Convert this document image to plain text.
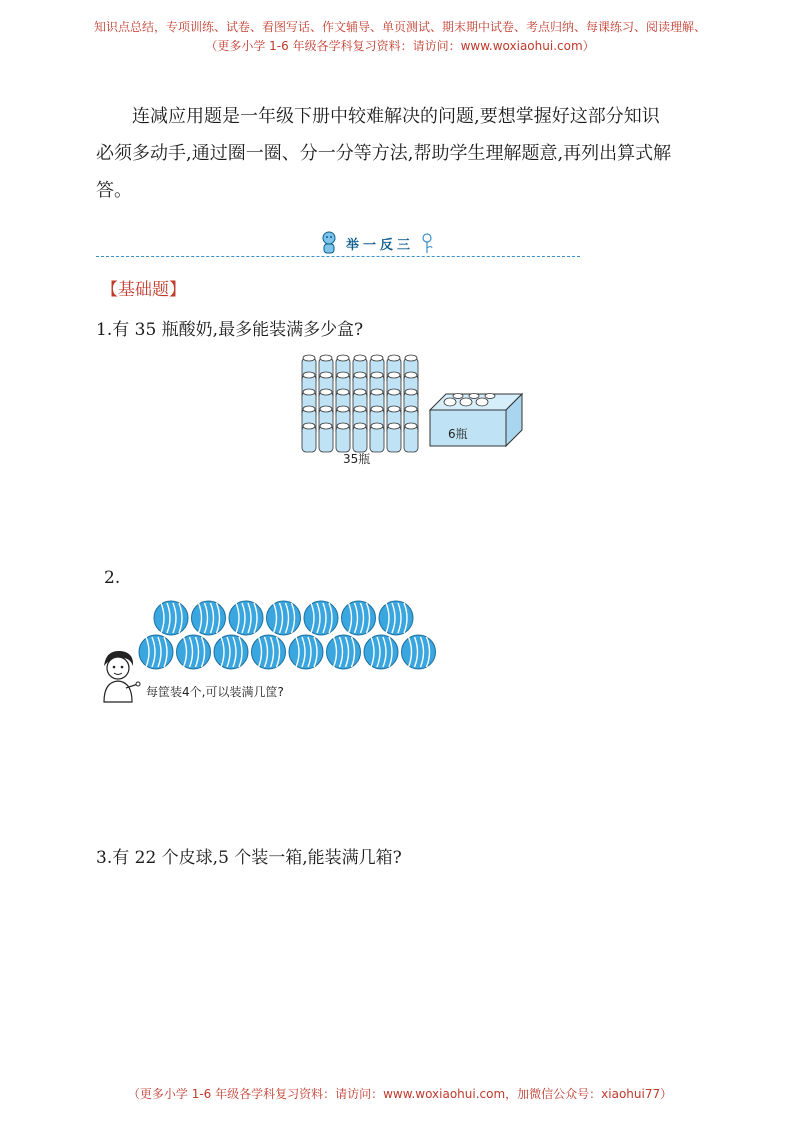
知识点总结，专项训练、试卷、看图写话、作文辅导、单页测试、期末期中试卷、考点归纳、每课练习、阅读理解、
（更多小学 1-6 年级各学科复习资料：请访问：www.woxiaohui.com）

连减应用题是一年级下册中较难解决的问题,要想掌握好这部分知识

必须多动手,通过圈一圈、分一分等方法,帮助学生理解题意,再列出算式解

答。

举一反三
【基础题】
1.有 35 瓶酸奶,最多能装满多少盒?
35瓶
6瓶
2.
每筐装4个,可以装满几筐?
3.有 22 个皮球,5 个装一箱,能装满几箱?
（更多小学 1-6 年级各学科复习资料：请访问：www.woxiaohui.com，加微信公众号：xiaohui77）
